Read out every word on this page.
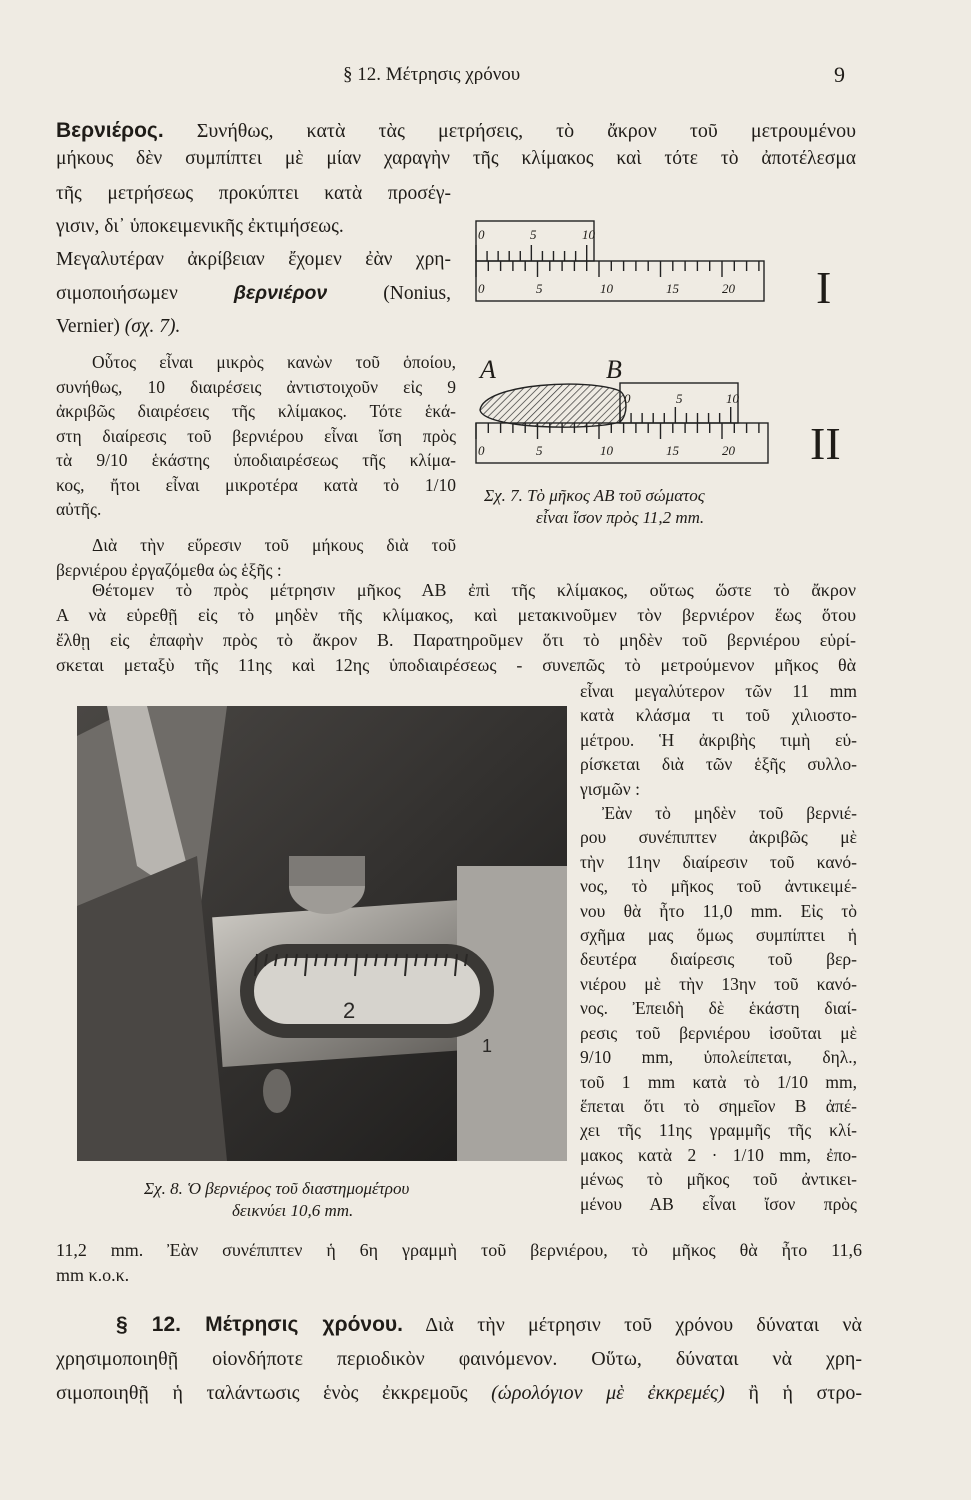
§ 12. Μέτρησις χρόνου	9

Βερνιέρος. Συνήθως, κατὰ τὰς μετρήσεις, τὸ ἄκρον τοῦ μετρουμένου

μήκους δὲν συμπίπτει μὲ μίαν χαραγὴν τῆς κλίμακος καὶ τότε τὸ ἀποτέλεσμα

τῆς μετρήσεως προκύπτει κατὰ προσέγ-

γισιν, δι᾽ ὑποκειμενικῆς ἐκτιμήσεως.

Μεγαλυτέραν ἀκρίβειαν ἔχομεν ἐὰν χρη-

σιμοποιήσωμεν	βερνιέρον	(Nonius,

Vernier) (σχ. 7).

Οὗτος εἶναι μικρὸς κανὼν τοῦ ὁποίου,

συνήθως, 10 διαιρέσεις ἀντιστοιχοῦν εἰς 9

ἀκριβῶς διαιρέσεις τῆς κλίμακος. Τότε ἑκά-

στη διαίρεσις τοῦ βερνιέρου εἶναι ἴση πρὸς

τὰ 9/10 ἑκάστης ὑποδιαιρέσεως τῆς κλίμα-

κος, ἤτοι εἶναι μικροτέρα κατὰ τὸ 1/10

αὐτῆς.

Διὰ τὴν εὕρεσιν τοῦ μήκους διὰ τοῦ

βερνιέρου ἐργαζόμεθα ὡς ἑξῆς :

Θέτομεν τὸ πρὸς μέτρησιν μῆκος ΑΒ ἐπὶ τῆς κλίμακος, οὕτως ὥστε τὸ ἄκρον

Α νὰ εὑρεθῇ εἰς τὸ μηδὲν τῆς κλίμακος, καὶ μετακινοῦμεν τὸν βερνιέρον ἕως ὅτου

ἔλθῃ εἰς ἐπαφὴν πρὸς τὸ ἄκρον Β. Παρατηροῦμεν ὅτι τὸ μηδὲν τοῦ βερνιέρου εὑρί-

σκεται μεταξὺ τῆς 11ης καὶ 12ης ὑποδιαιρέσεως - συνεπῶς τὸ μετρούμενον μῆκος θὰ

εἶναι μεγαλύτερον τῶν 11 mm

κατὰ κλάσμα τι τοῦ χιλιοστο-

μέτρου. Ἡ ἀκριβὴς τιμὴ εὑ-

ρίσκεται διὰ τῶν ἑξῆς συλλο-

γισμῶν :

Ἐὰν τὸ μηδὲν τοῦ βερνιέ-

ρου συνέπιπτεν ἀκριβῶς μὲ

τὴν 11ην διαίρεσιν τοῦ κανό-

νος, τὸ μῆκος τοῦ ἀντικειμέ-

νου θὰ ἦτο 11,0 mm. Εἰς τὸ

σχῆμα μας ὅμως συμπίπτει ἡ

δευτέρα διαίρεσις τοῦ βερ-

νιέρου μὲ τὴν 13ην τοῦ κανό-

νος. Ἐπειδὴ δὲ ἑκάστη διαί-

ρεσις τοῦ βερνιέρου ἰσοῦται μὲ

9/10 mm, ὑπολείπεται, δηλ.,

τοῦ 1 mm κατὰ τὸ 1/10 mm,

ἕπεται ὅτι τὸ σημεῖον Β ἀπέ-

χει τῆς 11ης γραμμῆς τῆς κλί-

μακος κατὰ 2 · 1/10 mm, ἐπο-

μένως τὸ μῆκος τοῦ ἀντικει-

μένου ΑΒ εἶναι ἴσον πρὸς

11,2 mm. Ἐὰν συνέπιπτεν ἡ 6η γραμμὴ τοῦ βερνιέρου, τὸ μῆκος θὰ ἦτο 11,6

mm κ.ο.κ.

§ 12. Μέτρησις χρόνου. Διὰ τὴν μέτρησιν τοῦ χρόνου δύναται νὰ

χρησιμοποιηθῇ οἱονδήποτε περιοδικὸν φαινόμενον. Οὕτω, δύναται νὰ χρη-

σιμοποιηθῇ ἡ ταλάντωσις ἑνὸς ἐκκρεμοῦς (ὡρολόγιον μὲ ἐκκρεμές) ἢ ἡ στρο-

0	5	10
0	5	10	15	20
A	B
0	5	10
0	5	10	15	20
I
II
Σχ. 7. Τὸ μῆκος ΑΒ τοῦ σώματος
εἶναι ἴσον πρὸς 11,2 mm.
2
1
Σχ. 8. Ὁ βερνιέρος τοῦ διαστημομέτρου
δεικνύει 10,6 mm.
